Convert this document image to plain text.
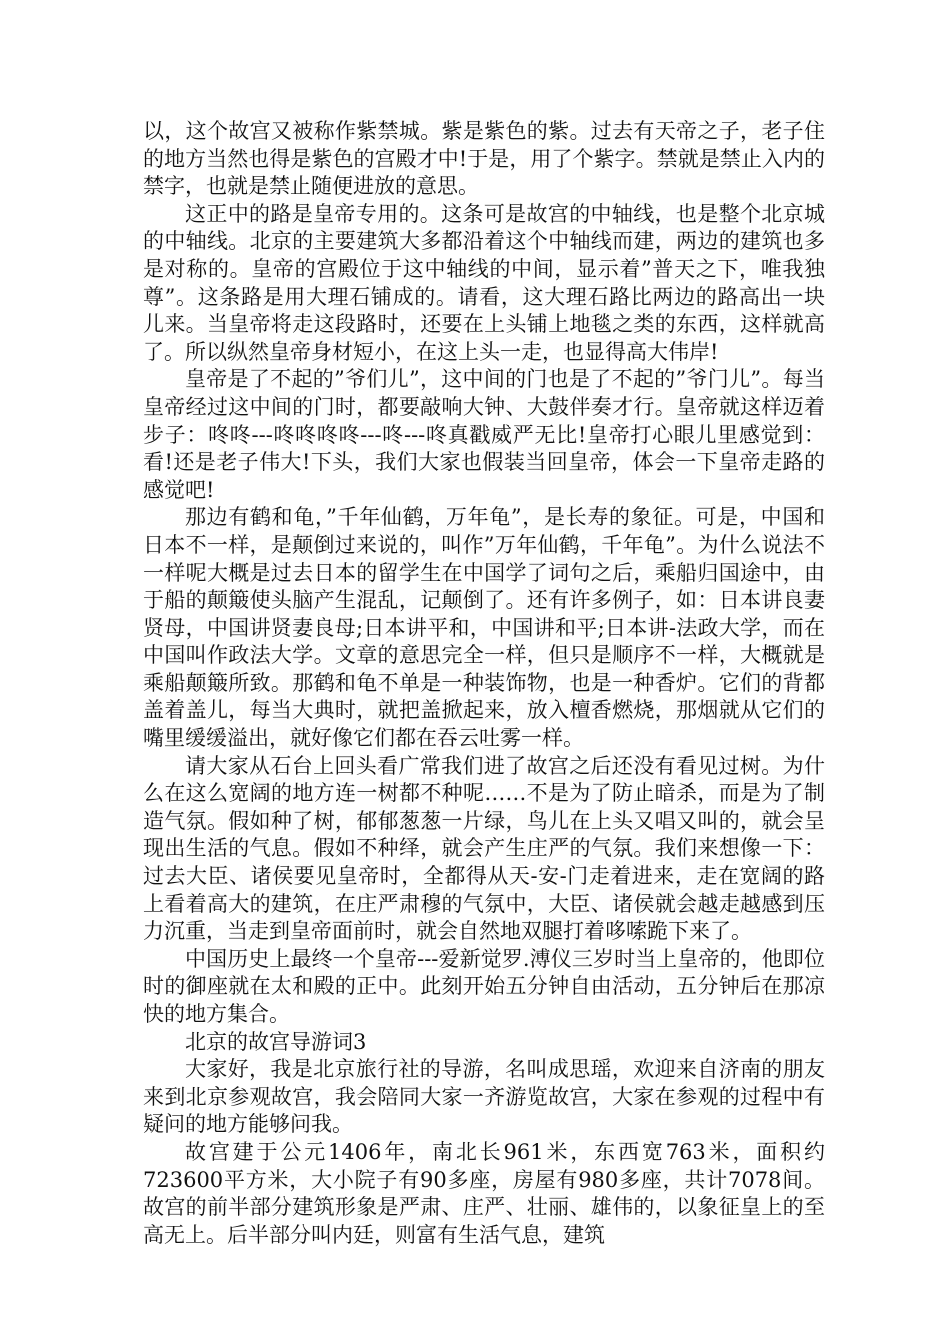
以，这个故宫又被称作紫禁城。紫是紫色的紫。过去有天帝之子，老子住的地方当然也得是紫色的宫殿才中!于是，用了个紫字。禁就是禁止入内的禁字，也就是禁止随便进放的意思。

这正中的路是皇帝专用的。这条可是故宫的中轴线，也是整个北京城的中轴线。北京的主要建筑大多都沿着这个中轴线而建，两边的建筑也多是对称的。皇帝的宫殿位于这中轴线的中间，显示着”普天之下，唯我独尊”。这条路是用大理石铺成的。请看，这大理石路比两边的路高出一块儿来。当皇帝将走这段路时，还要在上头铺上地毯之类的东西，这样就高了。所以纵然皇帝身材短小，在这上头一走，也显得高大伟岸!

皇帝是了不起的”爷们儿”，这中间的门也是了不起的”爷门儿”。每当皇帝经过这中间的门时，都要敲响大钟、大鼓伴奏才行。皇帝就这样迈着步子：咚咚---咚咚咚咚---咚---咚真戳威严无比!皇帝打心眼儿里感觉到：看!还是老子伟大!下头，我们大家也假装当回皇帝，体会一下皇帝走路的感觉吧!

那边有鹤和龟，”千年仙鹤，万年龟”，是长寿的象征。可是，中国和日本不一样，是颠倒过来说的，叫作”万年仙鹤，千年龟”。为什么说法不一样呢大概是过去日本的留学生在中国学了词句之后，乘船归国途中，由于船的颠簸使头脑产生混乱，记颠倒了。还有许多例子，如：日本讲良妻贤母，中国讲贤妻良母;日本讲平和，中国讲和平;日本讲-法政大学，而在中国叫作政法大学。文章的意思完全一样，但只是顺序不一样，大概就是乘船颠簸所致。那鹤和龟不单是一种装饰物，也是一种香炉。它们的背都盖着盖儿，每当大典时，就把盖掀起来，放入檀香燃烧，那烟就从它们的嘴里缓缓溢出，就好像它们都在吞云吐雾一样。

请大家从石台上回头看广常我们进了故宫之后还没有看见过树。为什么在这么宽阔的地方连一树都不种呢……不是为了防止暗杀，而是为了制造气氛。假如种了树，郁郁葱葱一片绿，鸟儿在上头又唱又叫的，就会呈现出生活的气息。假如不种绎，就会产生庄严的气氛。我们来想像一下：过去大臣、诸侯要见皇帝时，全都得从天-安-门走着进来，走在宽阔的路上看着高大的建筑，在庄严肃穆的气氛中，大臣、诸侯就会越走越感到压力沉重，当走到皇帝面前时，就会自然地双腿打着哆嗦跪下来了。

中国历史上最终一个皇帝---爱新觉罗.溥仪三岁时当上皇帝的，他即位时的御座就在太和殿的正中。此刻开始五分钟自由活动，五分钟后在那凉快的地方集合。

北京的故宫导游词3

大家好，我是北京旅行社的导游，名叫成思瑶，欢迎来自济南的朋友来到北京参观故宫，我会陪同大家一齐游览故宫，大家在参观的过程中有疑问的地方能够问我。

故宫建于公元1406年，南北长961米，东西宽763米，面积约723600平方米，大小院子有90多座，房屋有980多座，共计7078间。故宫的前半部分建筑形象是严肃、庄严、壮丽、雄伟的，以象征皇上的至高无上。后半部分叫内廷，则富有生活气息，建筑
